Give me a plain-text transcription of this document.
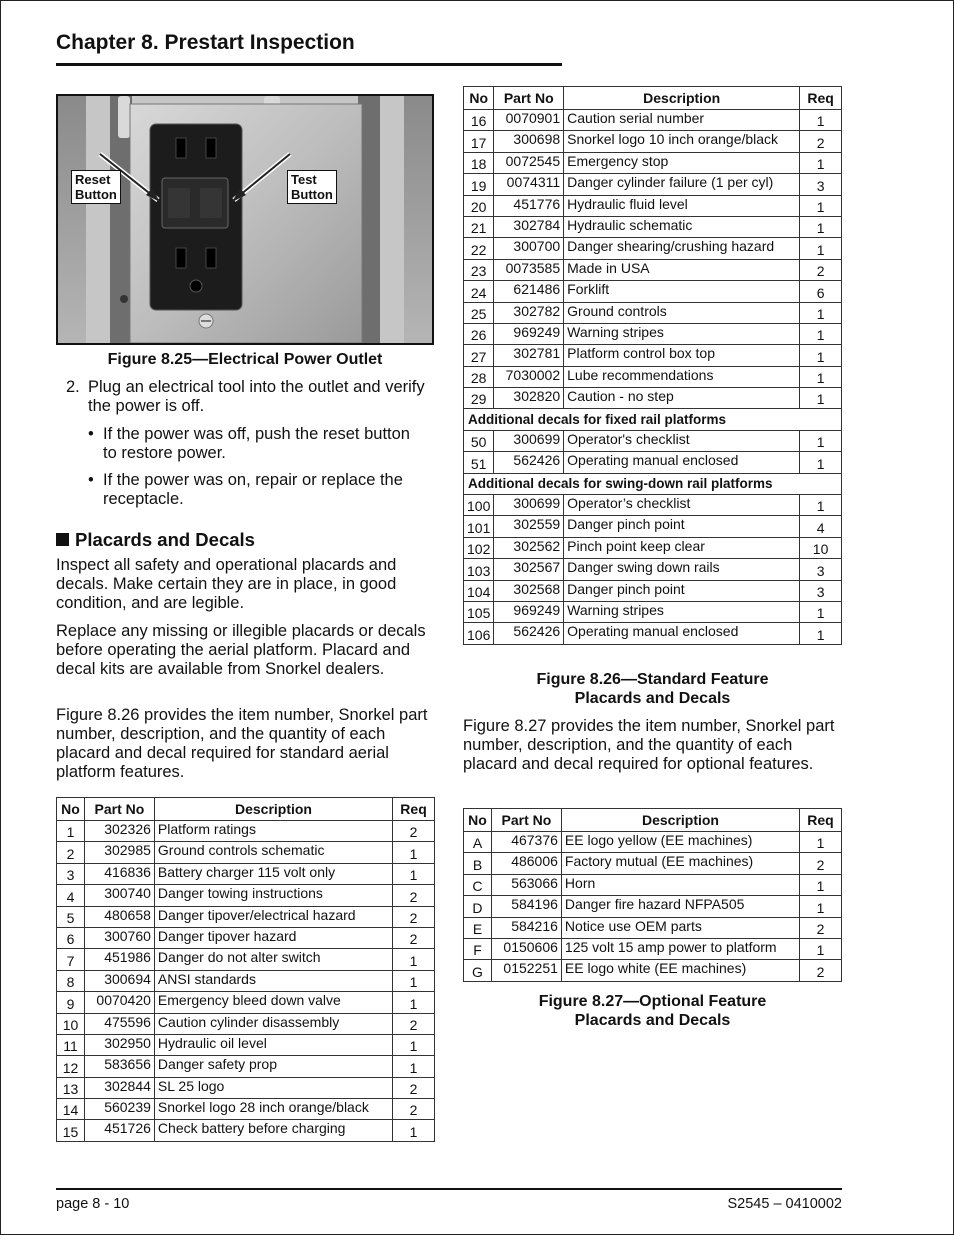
Chapter 8. Prestart Inspection
Reset
Button
Test
Button
Figure 8.25—Electrical Power Outlet
2. Plug an electrical tool into the outlet and verify the power is off.
• If the power was off, push the reset button to restore power.
• If the power was on, repair or replace the receptacle.
Placards and Decals
Inspect all safety and operational placards and decals. Make certain they are in place, in good condition, and are legible.
Replace any missing or illegible placards or decals before operating the aerial platform. Placard and decal kits are available from Snorkel dealers.
Figure 8.26 provides the item number, Snorkel part number, description, and the quantity of each placard and decal required for standard aerial platform features.
No	Part No	Description	Req
1	302326	Platform ratings	2
2	302985	Ground controls schematic	1
3	416836	Battery charger 115 volt only	1
4	300740	Danger towing instructions	2
5	480658	Danger tipover/electrical hazard	2
6	300760	Danger tipover hazard	2
7	451986	Danger do not alter switch	1
8	300694	ANSI standards	1
9	0070420	Emergency bleed down valve	1
10	475596	Caution cylinder disassembly	2
11	302950	Hydraulic oil level	1
12	583656	Danger safety prop	1
13	302844	SL 25 logo	2
14	560239	Snorkel logo 28 inch orange/black	2
15	451726	Check battery before charging	1
No	Part No	Description	Req
16	0070901	Caution serial number	1
17	300698	Snorkel logo 10 inch orange/black	2
18	0072545	Emergency stop	1
19	0074311	Danger cylinder failure (1 per cyl)	3
20	451776	Hydraulic fluid level	1
21	302784	Hydraulic schematic	1
22	300700	Danger shearing/crushing hazard	1
23	0073585	Made in USA	2
24	621486	Forklift	6
25	302782	Ground controls	1
26	969249	Warning stripes	1
27	302781	Platform control box top	1
28	7030002	Lube recommendations	1
29	302820	Caution - no step	1
Additional decals for fixed rail platforms			
50	300699	Operator's checklist	1
51	562426	Operating manual enclosed	1
Additional decals for swing-down rail platforms			
100	300699	Operator’s checklist	1
101	302559	Danger pinch point	4
102	302562	Pinch point keep clear	10
103	302567	Danger swing down rails	3
104	302568	Danger pinch point	3
105	969249	Warning stripes	1
106	562426	Operating manual enclosed	1
Figure 8.26—Standard Feature
Placards and Decals
Figure 8.27 provides the item number, Snorkel part number, description, and the quantity of each placard and decal required for optional features.
No	Part No	Description	Req
A	467376	EE logo yellow (EE machines)	1
B	486006	Factory mutual (EE machines)	2
C	563066	Horn	1
D	584196	Danger fire hazard NFPA505	1
E	584216	Notice use OEM parts	2
F	0150606	125 volt 15 amp power to platform	1
G	0152251	EE logo white (EE machines)	2
Figure 8.27—Optional Feature
Placards and Decals
page 8 - 10	S2545 – 0410002
